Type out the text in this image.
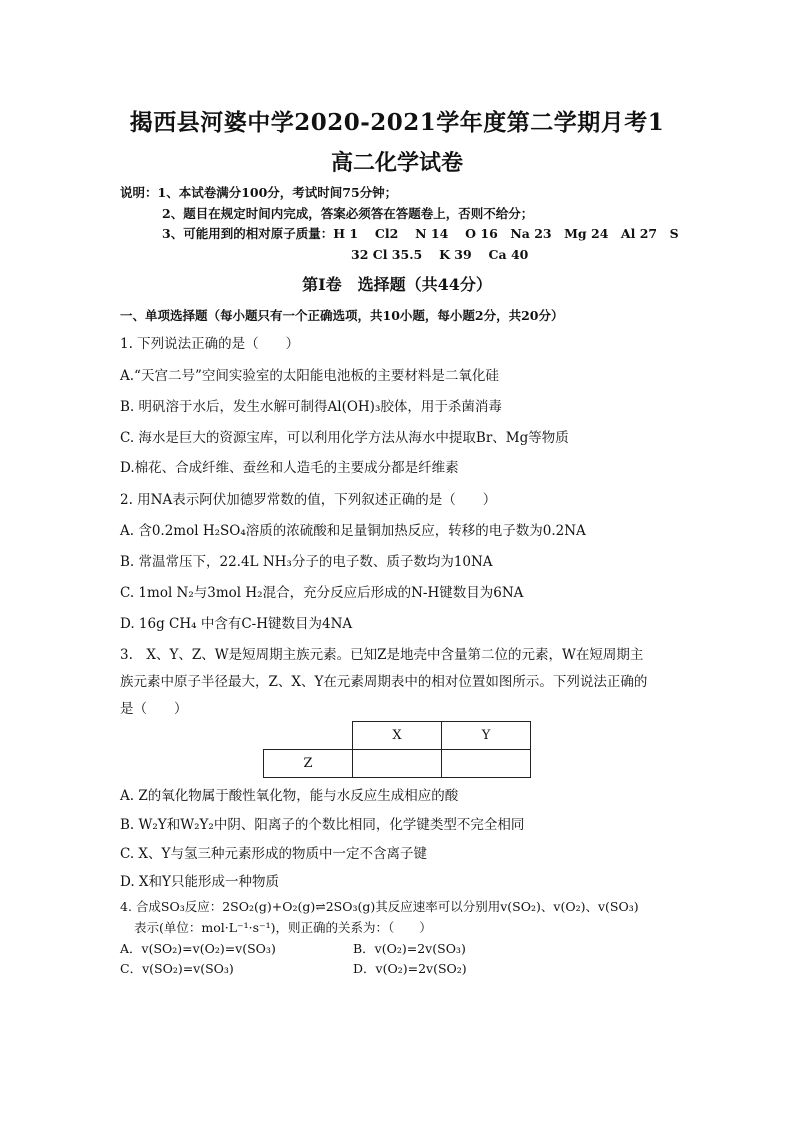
揭西县河婆中学2020-2021学年度第二学期月考1
高二化学试卷
说明：1、本试卷满分100分，考试时间75分钟；
2、题目在规定时间内完成，答案必须答在答题卷上，否则不给分；
3、可能用到的相对原子质量：H 1　 Cl2　 N 14　 O 16　Na 23　Mg 24　Al 27　S
32 Cl 35.5　 K 39　 Ca 40
第Ⅰ卷　选择题（共44分）
一、单项选择题（每小题只有一个正确选项，共10小题，每小题2分，共20分）
1. 下列说法正确的是（　　）
A.“天宫二号”空间实验室的太阳能电池板的主要材料是二氧化硅
B. 明矾溶于水后，发生水解可制得Al(OH)₃胶体，用于杀菌消毒
C. 海水是巨大的资源宝库，可以利用化学方法从海水中提取Br、Mg等物质
D.棉花、合成纤维、蚕丝和人造毛的主要成分都是纤维素
2. 用NA表示阿伏加德罗常数的值，下列叙述正确的是（　　）
A. 含0.2mol H₂SO₄溶质的浓硫酸和足量铜加热反应，转移的电子数为0.2NA
B. 常温常压下，22.4L NH₃分子的电子数、质子数均为10NA
C. 1mol N₂与3mol H₂混合，充分反应后形成的N-H键数目为6NA
D. 16g CH₄ 中含有C-H键数目为4NA
3.　X、Y、Z、W是短周期主族元素。已知Z是地壳中含量第二位的元素，W在短周期主
族元素中原子半径最大，Z、X、Y在元素周期表中的相对位置如图所示。下列说法正确的
是（　　）
	X	Y
Z		
A. Z的氧化物属于酸性氧化物，能与水反应生成相应的酸
B. W₂Y和W₂Y₂中阴、阳离子的个数比相同，化学键类型不完全相同
C. X、Y与氢三种元素形成的物质中一定不含离子键
D. X和Y只能形成一种物质
4. 合成SO₃反应：2SO₂(g)+O₂(g)⇌2SO₃(g)其反应速率可以分别用v(SO₂)、v(O₂)、v(SO₃)
表示(单位：mol·L⁻¹·s⁻¹)，则正确的关系为：（　　）
A．v(SO₂)=v(O₂)=v(SO₃)	B．v(O₂)=2v(SO₃)
C．v(SO₂)=v(SO₃)	D．v(O₂)=2v(SO₂)
